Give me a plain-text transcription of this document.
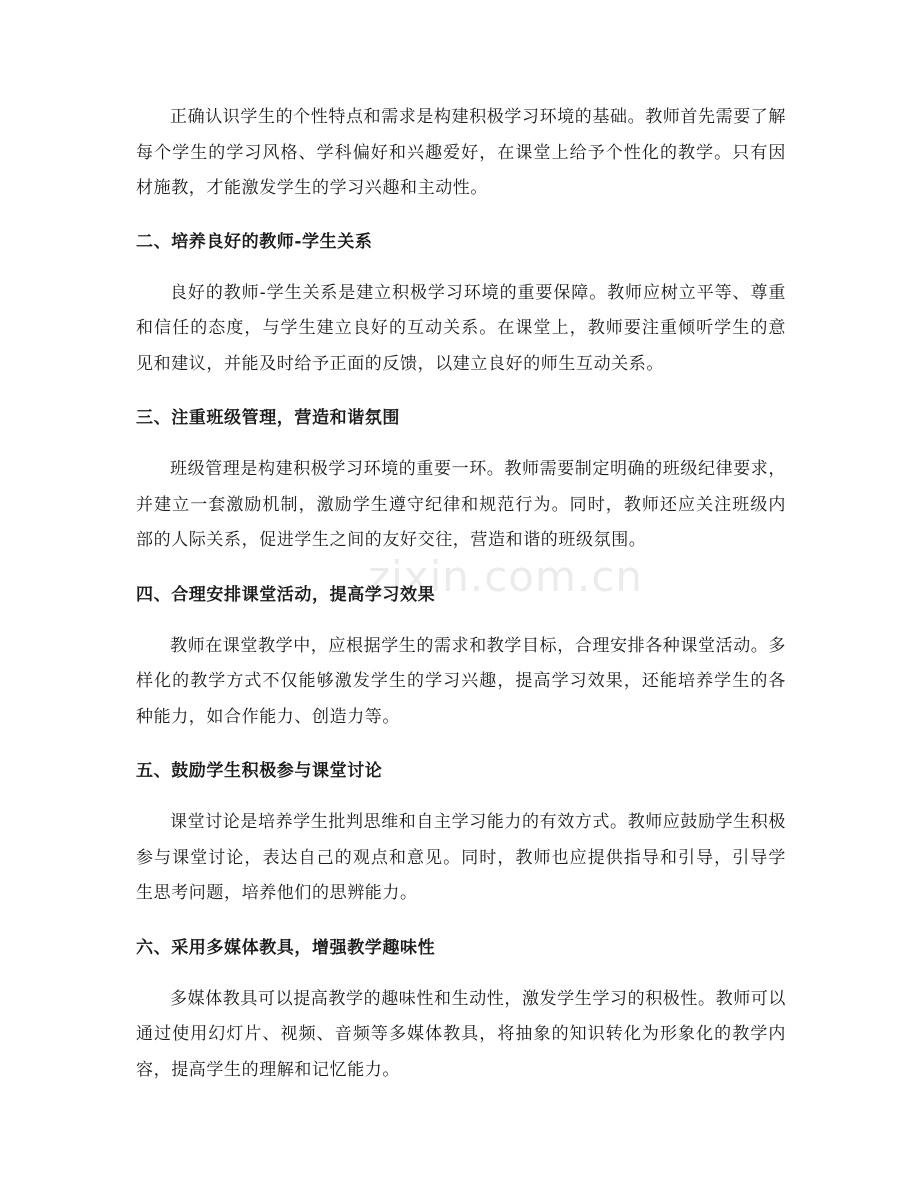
正确认识学生的个性特点和需求是构建积极学习环境的基础。教师首先需要了解每个学生的学习风格、学科偏好和兴趣爱好，在课堂上给予个性化的教学。只有因材施教，才能激发学生的学习兴趣和主动性。

二、培养良好的教师-学生关系

良好的教师-学生关系是建立积极学习环境的重要保障。教师应树立平等、尊重和信任的态度，与学生建立良好的互动关系。在课堂上，教师要注重倾听学生的意见和建议，并能及时给予正面的反馈，以建立良好的师生互动关系。

三、注重班级管理，营造和谐氛围

班级管理是构建积极学习环境的重要一环。教师需要制定明确的班级纪律要求，并建立一套激励机制，激励学生遵守纪律和规范行为。同时，教师还应关注班级内部的人际关系，促进学生之间的友好交往，营造和谐的班级氛围。

四、合理安排课堂活动，提高学习效果

教师在课堂教学中，应根据学生的需求和教学目标，合理安排各种课堂活动。多样化的教学方式不仅能够激发学生的学习兴趣，提高学习效果，还能培养学生的各种能力，如合作能力、创造力等。

五、鼓励学生积极参与课堂讨论

课堂讨论是培养学生批判思维和自主学习能力的有效方式。教师应鼓励学生积极参与课堂讨论，表达自己的观点和意见。同时，教师也应提供指导和引导，引导学生思考问题，培养他们的思辨能力。

六、采用多媒体教具，增强教学趣味性

多媒体教具可以提高教学的趣味性和生动性，激发学生学习的积极性。教师可以通过使用幻灯片、视频、音频等多媒体教具，将抽象的知识转化为形象化的教学内容，提高学生的理解和记忆能力。

zixin.com.cn
